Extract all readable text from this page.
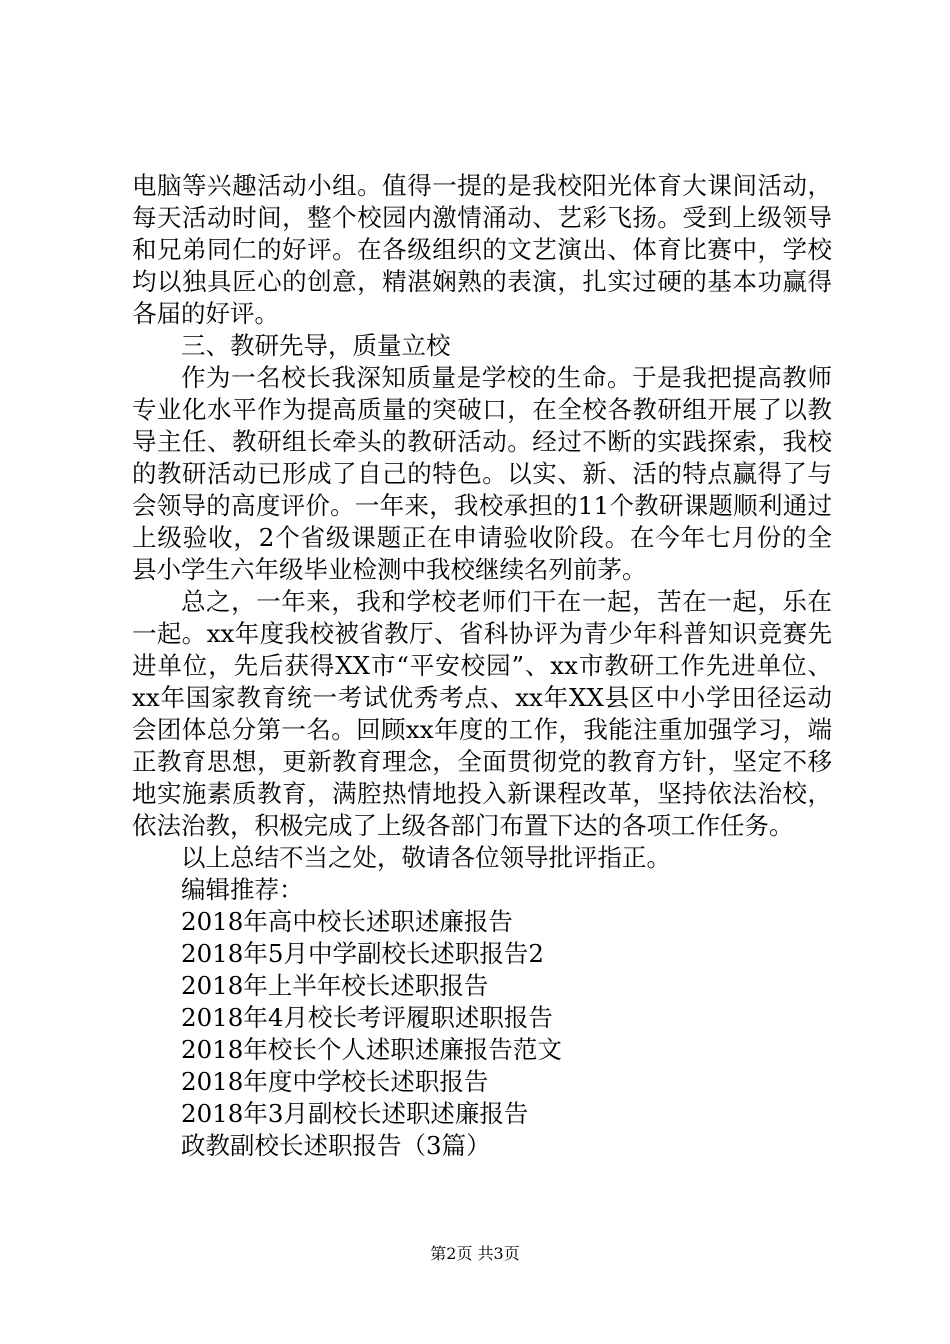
电脑等兴趣活动小组。值得一提的是我校阳光体育大课间活动，每天活动时间，整个校园内激情涌动、艺彩飞扬。受到上级领导和兄弟同仁的好评。在各级组织的文艺演出、体育比赛中，学校均以独具匠心的创意，精湛娴熟的表演，扎实过硬的基本功赢得各届的好评。

三、教研先导，质量立校

作为一名校长我深知质量是学校的生命。于是我把提高教师专业化水平作为提高质量的突破口，在全校各教研组开展了以教导主任、教研组长牵头的教研活动。经过不断的实践探索，我校的教研活动已形成了自己的特色。以实、新、活的特点赢得了与会领导的高度评价。一年来，我校承担的11个教研课题顺利通过上级验收，2个省级课题正在申请验收阶段。在今年七月份的全县小学生六年级毕业检测中我校继续名列前茅。

总之，一年来，我和学校老师们干在一起，苦在一起，乐在一起。xx年度我校被省教厅、省科协评为青少年科普知识竞赛先进单位，先后获得XX市“平安校园”、xx市教研工作先进单位、xx年国家教育统一考试优秀考点、xx年XX县区中小学田径运动会团体总分第一名。回顾xx年度的工作，我能注重加强学习，端正教育思想，更新教育理念，全面贯彻党的教育方针，坚定不移地实施素质教育，满腔热情地投入新课程改革，坚持依法治校，依法治教，积极完成了上级各部门布置下达的各项工作任务。

以上总结不当之处，敬请各位领导批评指正。

编辑推荐：

2018年高中校长述职述廉报告
2018年5月中学副校长述职报告2
2018年上半年校长述职报告
2018年4月校长考评履职述职报告
2018年校长个人述职述廉报告范文
2018年度中学校长述职报告
2018年3月副校长述职述廉报告
政教副校长述职报告（3篇）
第2页 共3页
